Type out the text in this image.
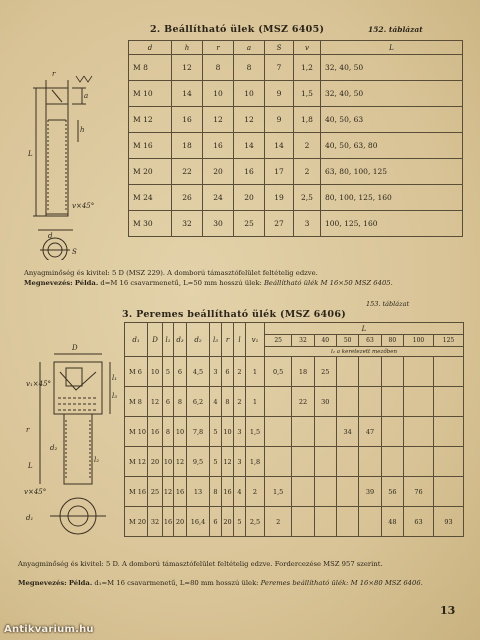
2. Beállítható ülek (MSZ 6405)	152. táblázat
r
a
h
L
v×45°
d
S
d	h	r	a	S	v	L
M 8	12	8	8	7	1,2	32, 40, 50
M 10	14	10	10	9	1,5	32, 40, 50
M 12	16	12	12	9	1,8	40, 50, 63
M 16	18	16	14	14	2	40, 50, 63, 80
M 20	22	20	16	17	2	63, 80, 100, 125
M 24	26	24	20	19	2,5	80, 100, 125, 160
M 30	32	30	25	27	3	100, 125, 160
Anyagminőség és kivitel: 5 D (MSZ 229). A domború támasztófelület feltételig edzve.
Megnevezés: Példa. d=M 16 csavarmenetű, L=50 mm hosszú ülek: Beállítható ülék M 16×50 MSZ 6405.
153. táblázat
3. Peremes beállítható ülék (MSZ 6406)
D
v₁×45°
l₁
l₃
r
d₂
L
l₂
v×45°
d₁
d₁	D	l₁	d₃	d₂	l₃	r	l	v₁	L							
									25	32	40	50	63	80	100	125
									l₂ a keretezett mezőben							
M 6	10	5	6	4,5	3	6	2	1	0,5	18	25					
M 8	12	6	8	6,2	4	8	2	1		22	30					
M 10	16	8	10	7,8	5	10	3	1,5				34	47			
M 12	20	10	12	9,5	5	12	3	1,8								
M 16	25	12	16	13	8	16	4	2	1,5				39	56	76	
M 20	32	16	20	16,4	6	20	5	2,5	2					48	63	93
Anyagminőség és kivitel: 5 D. A domború támasztófelület feltételig edzve. Fordercezése MSZ 957 szerint.
Megnevezés: Példa. d₁=M 16 csavarmenetű, L=80 mm hosszú ülek: Peremes beállítható ülék: M 16×80 MSZ 6406.
13
Antikvarium.hu
